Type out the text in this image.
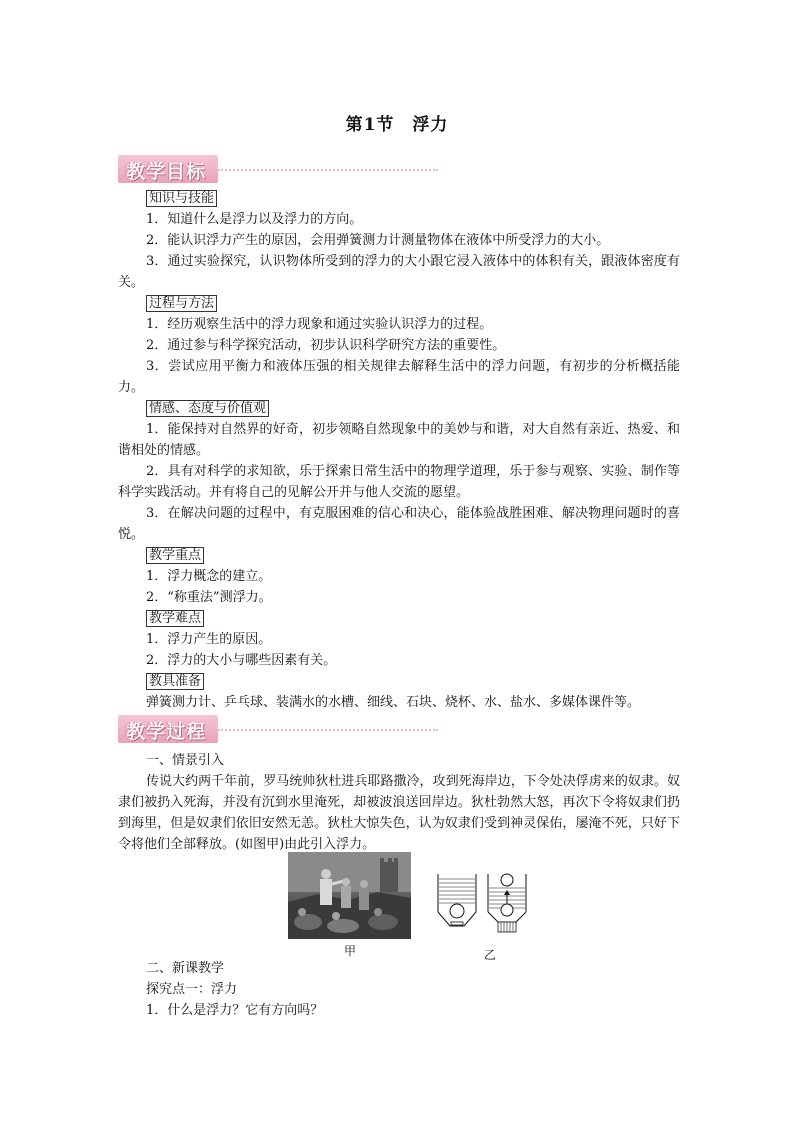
第1节　浮力
教学目标
知识与技能

1．知道什么是浮力以及浮力的方向。

2．能认识浮力产生的原因，会用弹簧测力计测量物体在液体中所受浮力的大小。

3．通过实验探究，认识物体所受到的浮力的大小跟它浸入液体中的体积有关，跟液体密度有关。

过程与方法

1．经历观察生活中的浮力现象和通过实验认识浮力的过程。

2．通过参与科学探究活动，初步认识科学研究方法的重要性。

3．尝试应用平衡力和液体压强的相关规律去解释生活中的浮力问题，有初步的分析概括能力。

情感、态度与价值观

1．能保持对自然界的好奇，初步领略自然现象中的美妙与和谐，对大自然有亲近、热爱、和谐相处的情感。

2．具有对科学的求知欲，乐于探索日常生活中的物理学道理，乐于参与观察、实验、制作等科学实践活动。并有将自己的见解公开并与他人交流的愿望。

3．在解决问题的过程中，有克服困难的信心和决心，能体验战胜困难、解决物理问题时的喜悦。

教学重点

1．浮力概念的建立。

2．“称重法”测浮力。

教学难点

1．浮力产生的原因。

2．浮力的大小与哪些因素有关。

教具准备

弹簧测力计、乒乓球、装满水的水槽、细线、石块、烧杯、水、盐水、多媒体课件等。

教学过程

一、情景引入

传说大约两千年前，罗马统帅狄杜进兵耶路撒冷，攻到死海岸边，下令处决俘虏来的奴隶。奴隶们被扔入死海，并没有沉到水里淹死，却被波浪送回岸边。狄杜勃然大怒，再次下令将奴隶们扔到海里，但是奴隶们依旧安然无恙。狄杜大惊失色，认为奴隶们受到神灵保佑，屡淹不死，只好下令将他们全部释放。(如图甲)由此引入浮力。

甲	乙

二、新课教学

探究点一：浮力

1．什么是浮力？它有方向吗？
